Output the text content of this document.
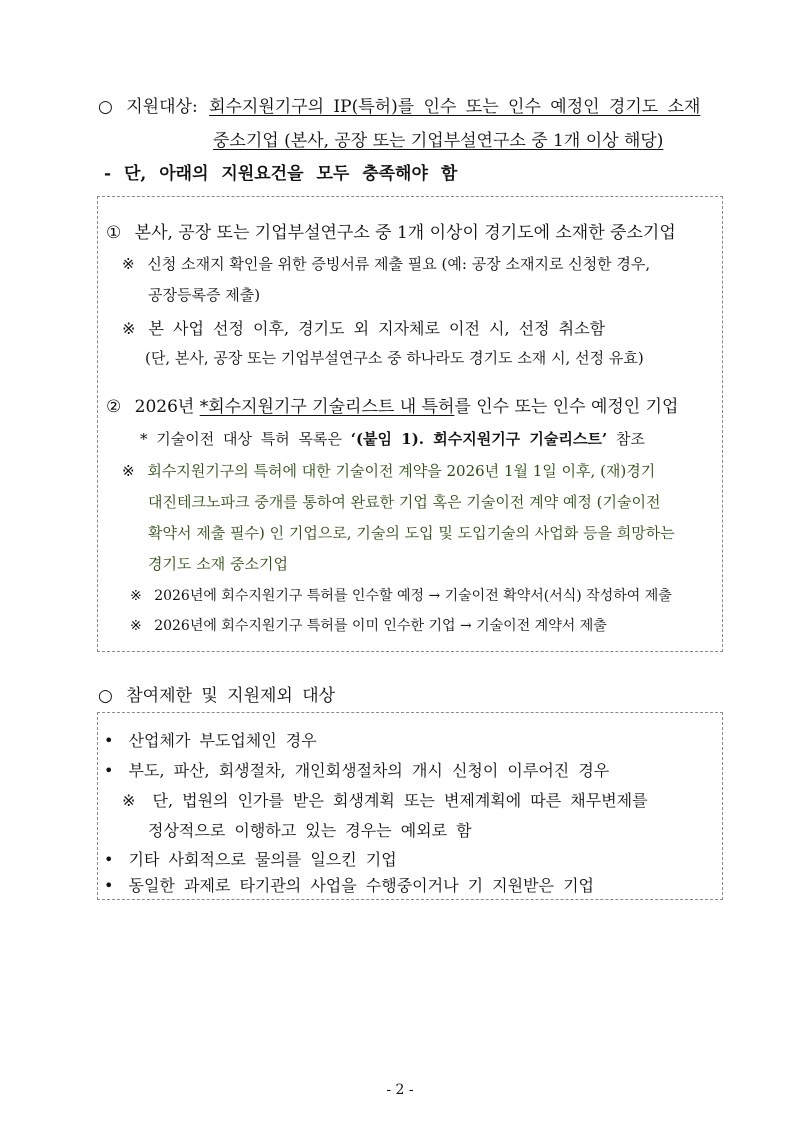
○ 지원대상: 회수지원기구의 IP(특허)를 인수 또는 인수 예정인 경기도 소재
중소기업 (본사, 공장 또는 기업부설연구소 중 1개 이상 해당)
- 단, 아래의 지원요건을 모두 충족해야 함
① 본사, 공장 또는 기업부설연구소 중 1개 이상이 경기도에 소재한 중소기업
※ 신청 소재지 확인을 위한 증빙서류 제출 필요 (예: 공장 소재지로 신청한 경우,
공장등록증 제출)
※ 본 사업 선정 이후, 경기도 외 지자체로 이전 시, 선정 취소함
(단, 본사, 공장 또는 기업부설연구소 중 하나라도 경기도 소재 시, 선정 유효)
② 2026년 *회수지원기구 기술리스트 내 특허를 인수 또는 인수 예정인 기업
* 기술이전 대상 특허 목록은 ‘(붙임 1). 회수지원기구 기술리스트’ 참조
※ 회수지원기구의 특허에 대한 기술이전 계약을 2026년 1월 1일 이후, (재)경기
대진테크노파크 중개를 통하여 완료한 기업 혹은 기술이전 계약 예정 (기술이전
확약서 제출 필수) 인 기업으로, 기술의 도입 및 도입기술의 사업화 등을 희망하는
경기도 소재 중소기업
※ 2026년에 회수지원기구 특허를 인수할 예정 → 기술이전 확약서(서식) 작성하여 제출
※ 2026년에 회수지원기구 특허를 이미 인수한 기업 → 기술이전 계약서 제출
○ 참여제한 및 지원제외 대상
• 산업체가 부도업체인 경우
• 부도, 파산, 회생절차, 개인회생절차의 개시 신청이 이루어진 경우
※ 단, 법원의 인가를 받은 회생계획 또는 변제계획에 따른 채무변제를
정상적으로 이행하고 있는 경우는 예외로 함
• 기타 사회적으로 물의를 일으킨 기업
• 동일한 과제로 타기관의 사업을 수행중이거나 기 지원받은 기업
- 2 -
